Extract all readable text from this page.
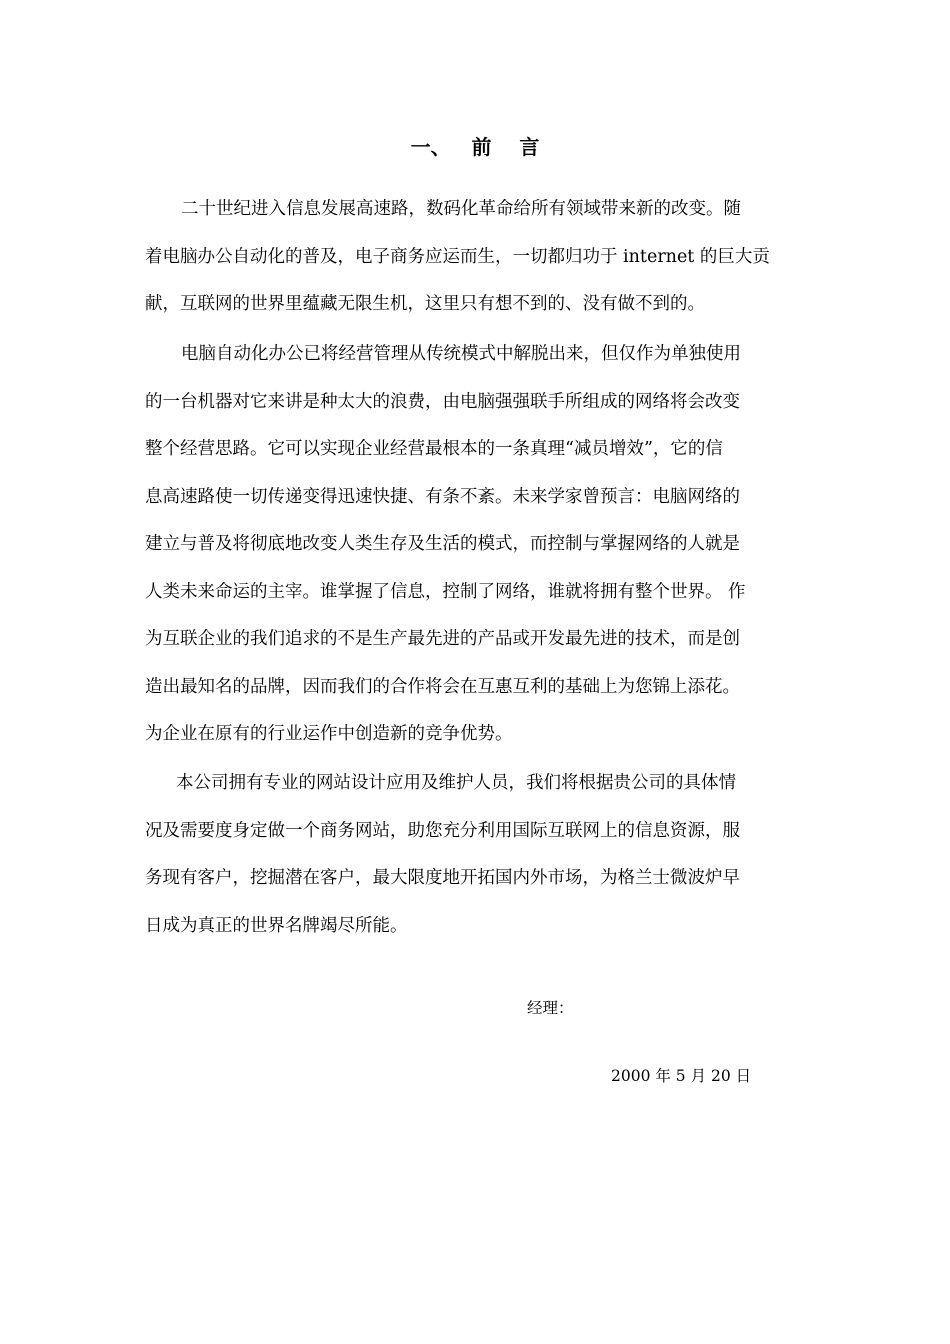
一、   前    言
二十世纪进入信息发展高速路，数码化革命给所有领域带来新的改变。随
着电脑办公自动化的普及，电子商务应运而生，一切都归功于 internet 的巨大贡
献，互联网的世界里蕴藏无限生机，这里只有想不到的、没有做不到的。
电脑自动化办公已将经营管理从传统模式中解脱出来，但仅作为单独使用
的一台机器对它来讲是种太大的浪费，由电脑强强联手所组成的网络将会改变
整个经营思路。它可以实现企业经营最根本的一条真理“减员增效”，它的信
息高速路使一切传递变得迅速快捷、有条不紊。未来学家曾预言：电脑网络的
建立与普及将彻底地改变人类生存及生活的模式，而控制与掌握网络的人就是
人类未来命运的主宰。谁掌握了信息，控制了网络，谁就将拥有整个世界。 作
为互联企业的我们追求的不是生产最先进的产品或开发最先进的技术，而是创
造出最知名的品牌，因而我们的合作将会在互惠互利的基础上为您锦上添花。
为企业在原有的行业运作中创造新的竞争优势。
本公司拥有专业的网站设计应用及维护人员，我们将根据贵公司的具体情
况及需要度身定做一个商务网站，助您充分利用国际互联网上的信息资源，服
务现有客户，挖掘潜在客户，最大限度地开拓国内外市场，为格兰士微波炉早
日成为真正的世界名牌竭尽所能。
经理：
2000 年 5 月 20 日
